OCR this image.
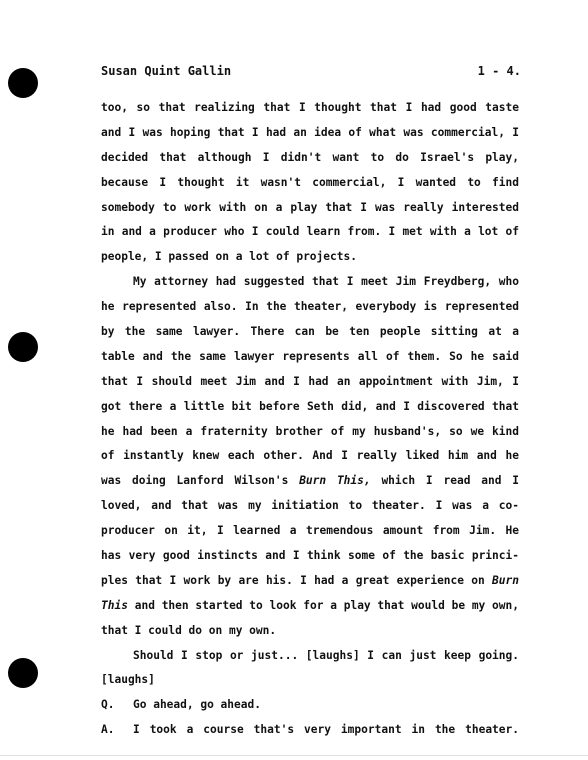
Susan Quint Gallin	1 - 4.
too, so that realizing that I thought that I had good taste
and I was hoping that I had an idea of what was commercial, I
decided that although I didn't want to do Israel's play,
because I thought it wasn't commercial, I wanted to find
somebody to work with on a play that I was really interested
in and a producer who I could learn from. I met with a lot of
people, I passed on a lot of projects.
My attorney had suggested that I meet Jim Freydberg, who
he represented also. In the theater, everybody is represented
by the same lawyer. There can be ten people sitting at a
table and the same lawyer represents all of them. So he said
that I should meet Jim and I had an appointment with Jim, I
got there a little bit before Seth did, and I discovered that
he had been a fraternity brother of my husband's, so we kind
of instantly knew each other. And I really liked him and he
was doing Lanford Wilson's Burn This, which I read and I
loved, and that was my initiation to theater. I was a co-
producer on it, I learned a tremendous amount from Jim. He
has very good instincts and I think some of the basic princi-
ples that I work by are his. I had a great experience on Burn
This and then started to look for a play that would be my own,
that I could do on my own.
Should I stop or just... [laughs] I can just keep going.
[laughs]
Q. Go ahead, go ahead.
A. I took a course that's very important in the theater.
